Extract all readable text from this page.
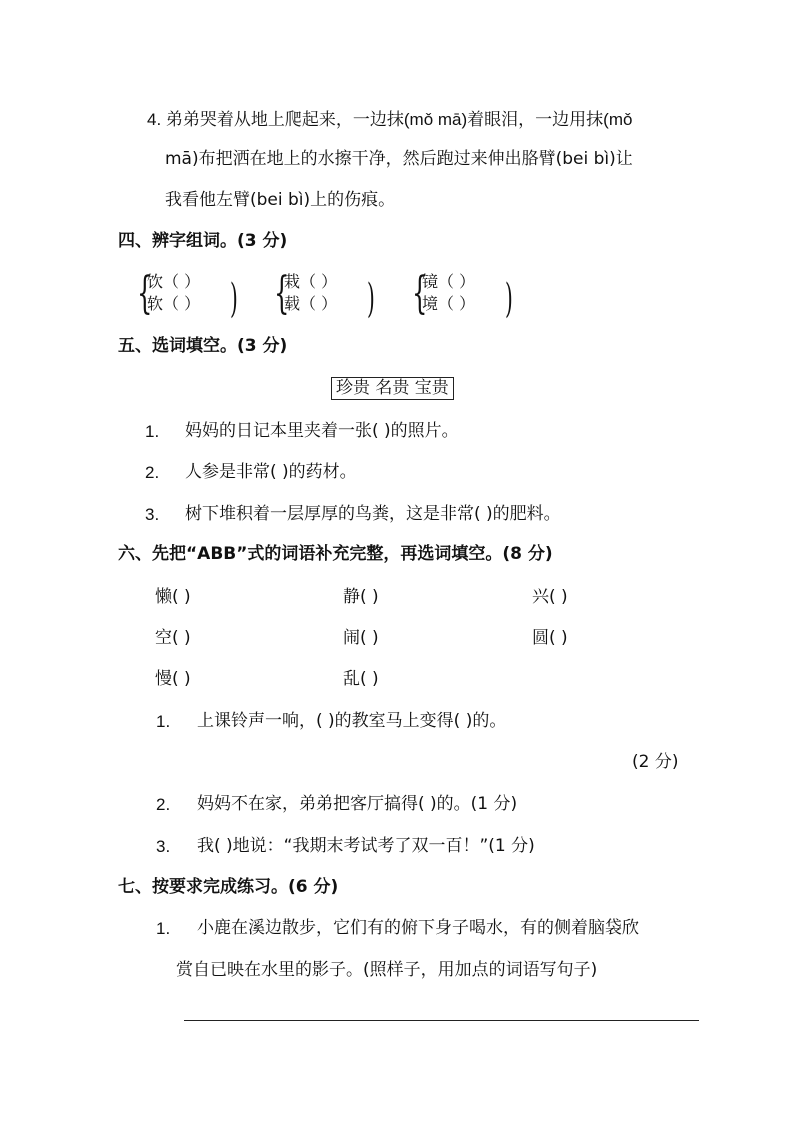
4. 弟弟哭着从地上爬起来，一边抹(mǒ mā)着眼泪，一边用抹(mǒ
mā)布把洒在地上的水擦干净，然后跑过来伸出胳臂(bei bì)让
我看他左臂(bei bì)上的伤痕。
四、辨字组词。(3 分)
{
饮（ ）
软（ ） ) {
栽（ ）
载（ ） ) {
镜（ ）
境（ ） )
五、选词填空。(3 分)
珍贵 名贵 宝贵
1. 妈妈的日记本里夹着一张( )的照片。
2. 人参是非常( )的药材。
3. 树下堆积着一层厚厚的鸟粪，这是非常( )的肥料。
六、先把“ABB”式的词语补充完整，再选词填空。(8 分)
懒( )	静( )	兴( )
空( )	闹( )	圆( )
慢( )	乱( )
1. 上课铃声一响，( )的教室马上变得( )的。
(2 分)
2. 妈妈不在家，弟弟把客厅搞得( )的。(1 分)
3. 我( )地说：“我期末考试考了双一百！”(1 分)
七、按要求完成练习。(6 分)
1. 小鹿在溪边散步，它们有的俯下身子喝水，有的侧着脑袋欣
赏自已映在水里的影子。(照样子，用加点的词语写句子)
